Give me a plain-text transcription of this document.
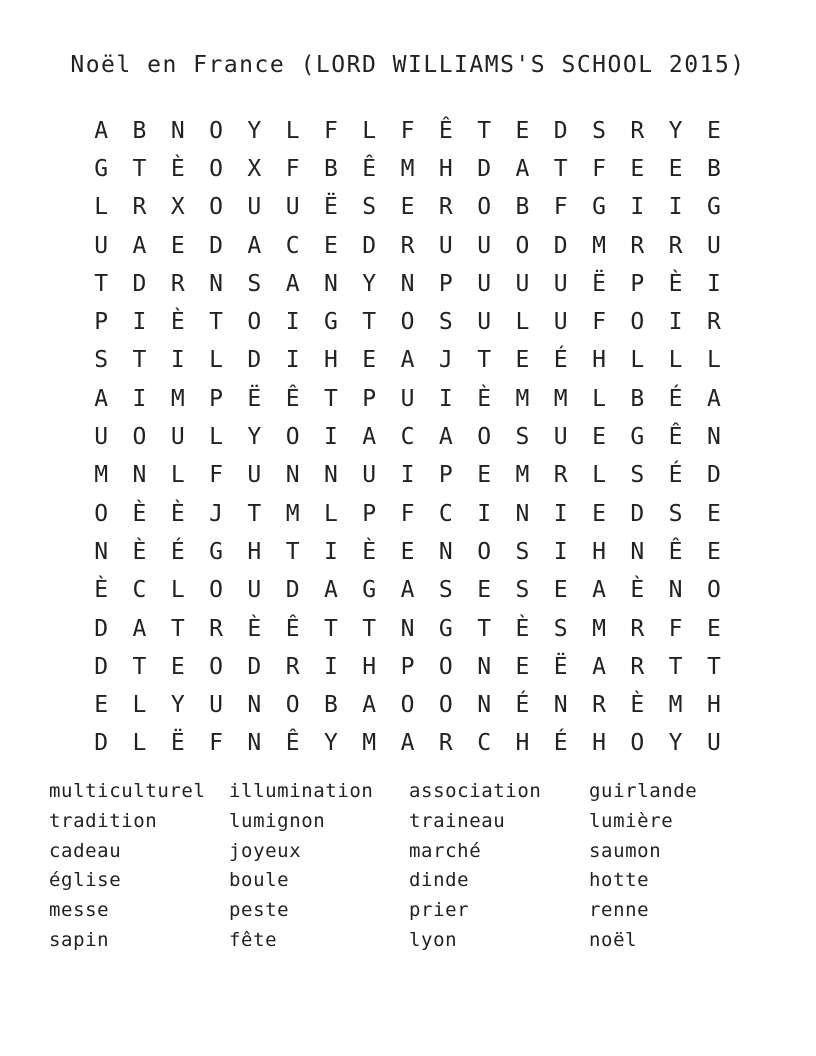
Noël en France (LORD WILLIAMS'S SCHOOL 2015)
A	B	N	O	Y	L	F	L	F	Ê	T	E	D	S	R	Y	E
G	T	È	O	X	F	B	Ê	M	H	D	A	T	F	E	E	B
L	R	X	O	U	U	Ë	S	E	R	O	B	F	G	I	I	G
U	A	E	D	A	C	E	D	R	U	U	O	D	M	R	R	U
T	D	R	N	S	A	N	Y	N	P	U	U	U	Ë	P	È	I
P	I	È	T	O	I	G	T	O	S	U	L	U	F	O	I	R
S	T	I	L	D	I	H	E	A	J	T	E	É	H	L	L	L
A	I	M	P	Ë	Ê	T	P	U	I	È	M	M	L	B	É	A
U	O	U	L	Y	O	I	A	C	A	O	S	U	E	G	Ê	N
M	N	L	F	U	N	N	U	I	P	E	M	R	L	S	É	D
O	È	È	J	T	M	L	P	F	C	I	N	I	E	D	S	E
N	È	É	G	H	T	I	È	E	N	O	S	I	H	N	Ê	E
È	C	L	O	U	D	A	G	A	S	E	S	E	A	È	N	O
D	A	T	R	È	Ê	T	T	N	G	T	È	S	M	R	F	E
D	T	E	O	D	R	I	H	P	O	N	E	Ë	A	R	T	T
E	L	Y	U	N	O	B	A	O	O	N	É	N	R	È	M	H
D	L	Ë	F	N	Ê	Y	M	A	R	C	H	É	H	O	Y	U
multiculturel	illumination	association	guirlande
tradition	lumignon	traineau	lumière
cadeau	joyeux	marché	saumon
église	boule	dinde	hotte
messe	peste	prier	renne
sapin	fête	lyon	noël
